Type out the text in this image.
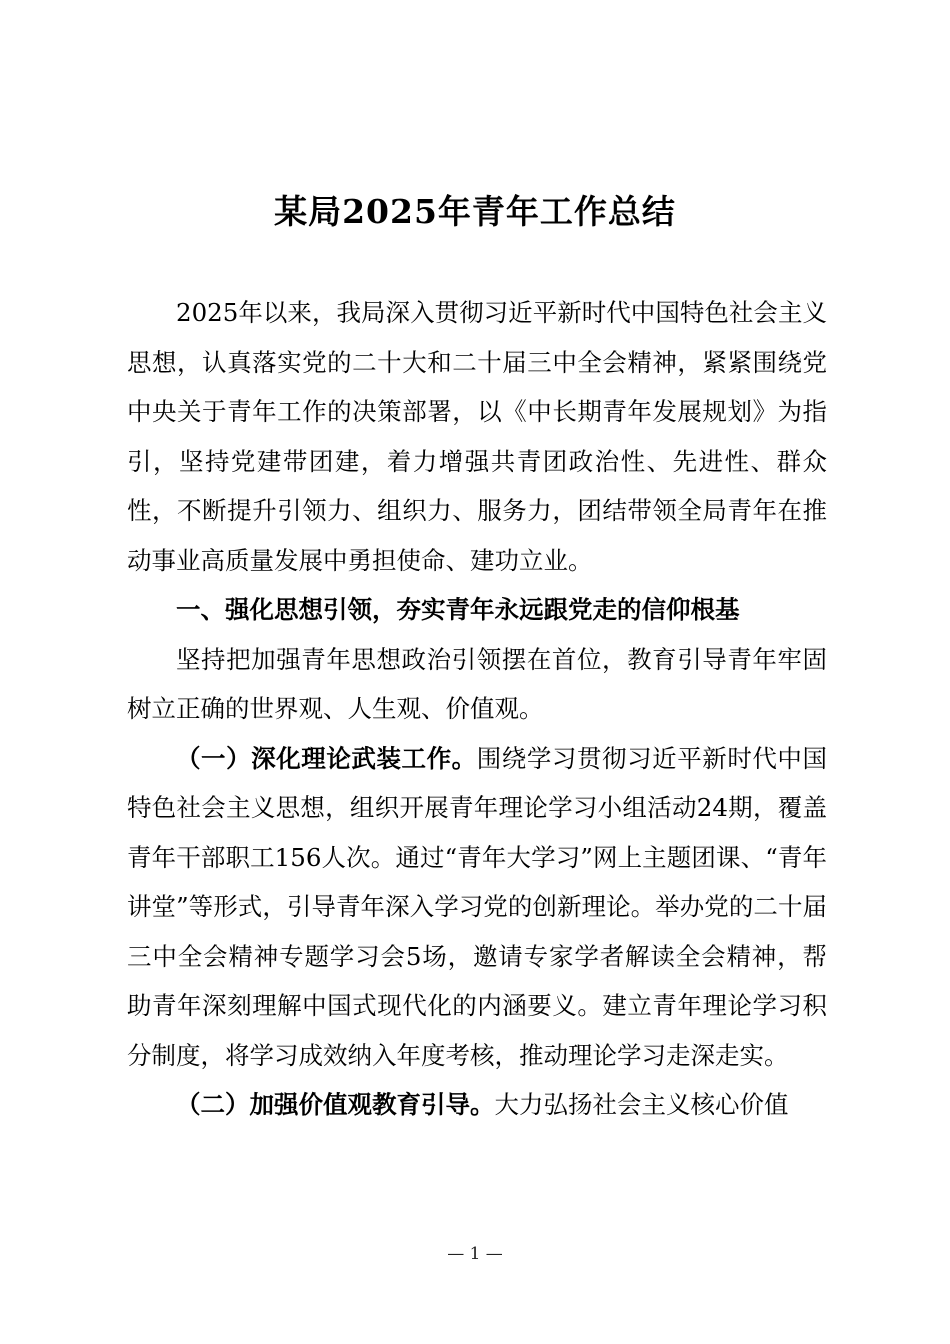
某局2025年青年工作总结

2025年以来，我局深入贯彻习近平新时代中国特色社会主义思想，认真落实党的二十大和二十届三中全会精神，紧紧围绕党中央关于青年工作的决策部署，以《中长期青年发展规划》为指引，坚持党建带团建，着力增强共青团政治性、先进性、群众性，不断提升引领力、组织力、服务力，团结带领全局青年在推动事业高质量发展中勇担使命、建功立业。

一、强化思想引领，夯实青年永远跟党走的信仰根基

坚持把加强青年思想政治引领摆在首位，教育引导青年牢固树立正确的世界观、人生观、价值观。

（一）深化理论武装工作。围绕学习贯彻习近平新时代中国特色社会主义思想，组织开展青年理论学习小组活动24期，覆盖青年干部职工156人次。通过“青年大学习”网上主题团课、“青年讲堂”等形式，引导青年深入学习党的创新理论。举办党的二十届三中全会精神专题学习会5场，邀请专家学者解读全会精神，帮助青年深刻理解中国式现代化的内涵要义。建立青年理论学习积分制度，将学习成效纳入年度考核，推动理论学习走深走实。

（二）加强价值观教育引导。大力弘扬社会主义核心价值

— 1 —
